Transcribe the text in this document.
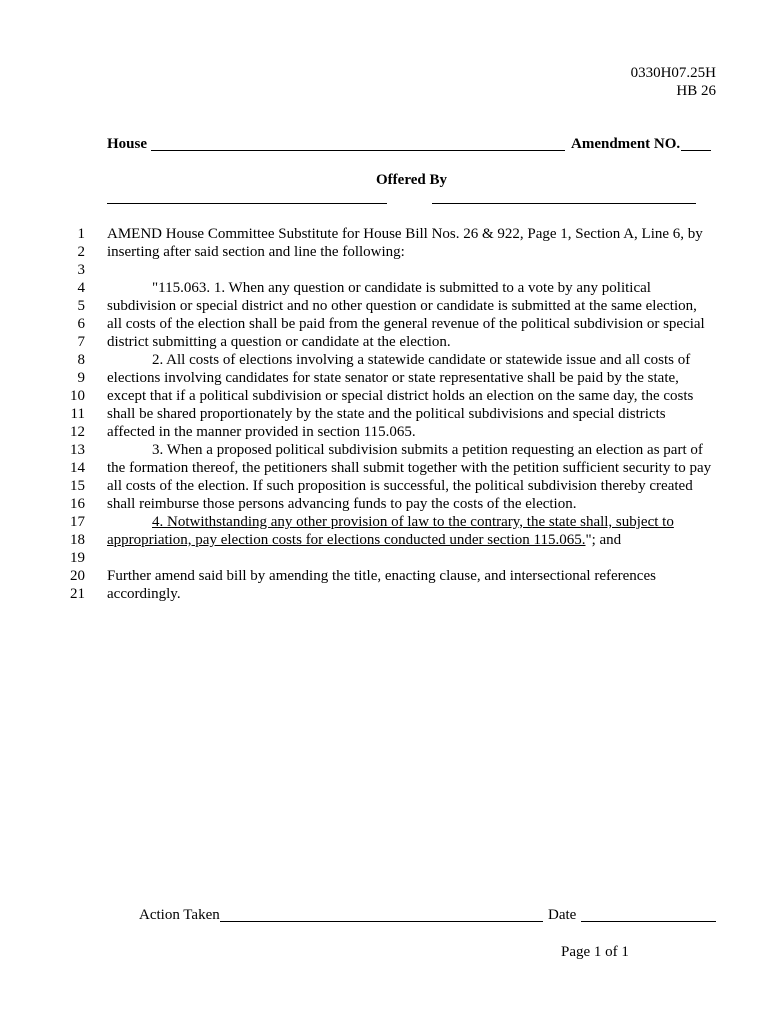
0330H07.25H
HB 26
House	Amendment NO.
Offered By
1 AMEND House Committee Substitute for House Bill Nos. 26 & 922, Page 1, Section A, Line 6, by
2 inserting after said section and line the following:
3
4	"115.063. 1. When any question or candidate is submitted to a vote by any political
5 subdivision or special district and no other question or candidate is submitted at the same election,
6 all costs of the election shall be paid from the general revenue of the political subdivision or special
7 district submitting a question or candidate at the election.
8	2. All costs of elections involving a statewide candidate or statewide issue and all costs of
9 elections involving candidates for state senator or state representative shall be paid by the state,
10 except that if a political subdivision or special district holds an election on the same day, the costs
11 shall be shared proportionately by the state and the political subdivisions and special districts
12 affected in the manner provided in section 115.065.
13	3. When a proposed political subdivision submits a petition requesting an election as part of
14 the formation thereof, the petitioners shall submit together with the petition sufficient security to pay
15 all costs of the election. If such proposition is successful, the political subdivision thereby created
16 shall reimburse those persons advancing funds to pay the costs of the election.
17	4. Notwithstanding any other provision of law to the contrary, the state shall, subject to
18 appropriation, pay election costs for elections conducted under section 115.065."; and
19
20 Further amend said bill by amending the title, enacting clause, and intersectional references
21 accordingly.
Action Taken	Date
Page 1 of 1
